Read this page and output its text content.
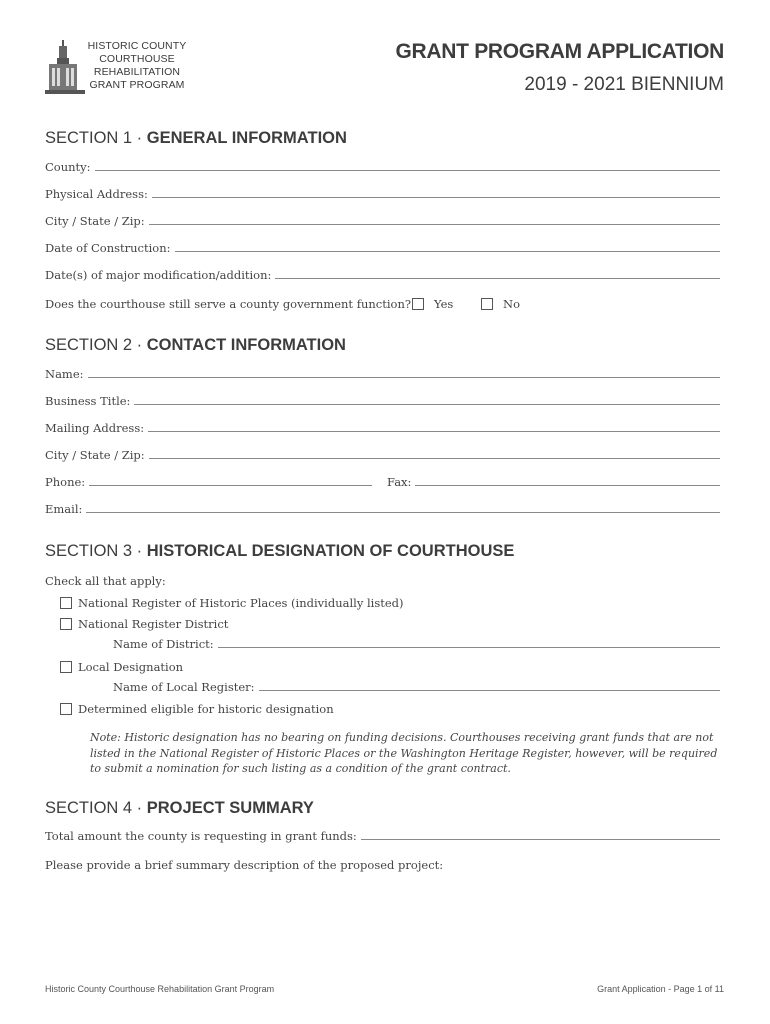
HISTORIC COUNTY
COURTHOUSE
REHABILITATION
GRANT PROGRAM
GRANT PROGRAM APPLICATION
2019 - 2021 BIENNIUM
SECTION 1 · GENERAL INFORMATION
County:
Physical Address:
City / State / Zip:
Date of Construction:
Date(s) of major modification/addition:
Does the courthouse still serve a county government function? Yes	No
SECTION 2 · CONTACT INFORMATION
Name:
Business Title:
Mailing Address:
City / State / Zip:
Phone:	Fax:
Email:
SECTION 3 · HISTORICAL DESIGNATION OF COURTHOUSE
Check all that apply:
National Register of Historic Places (individually listed)
National Register District
Name of District:
Local Designation
Name of Local Register:
Determined eligible for historic designation
Note: Historic designation has no bearing on funding decisions. Courthouses receiving grant funds that are not listed in the National Register of Historic Places or the Washington Heritage Register, however, will be required to submit a nomination for such listing as a condition of the grant contract.
SECTION 4 · PROJECT SUMMARY
Total amount the county is requesting in grant funds:
Please provide a brief summary description of the proposed project:
Historic County Courthouse Rehabilitation Grant Program	Grant Application - Page 1 of 11
